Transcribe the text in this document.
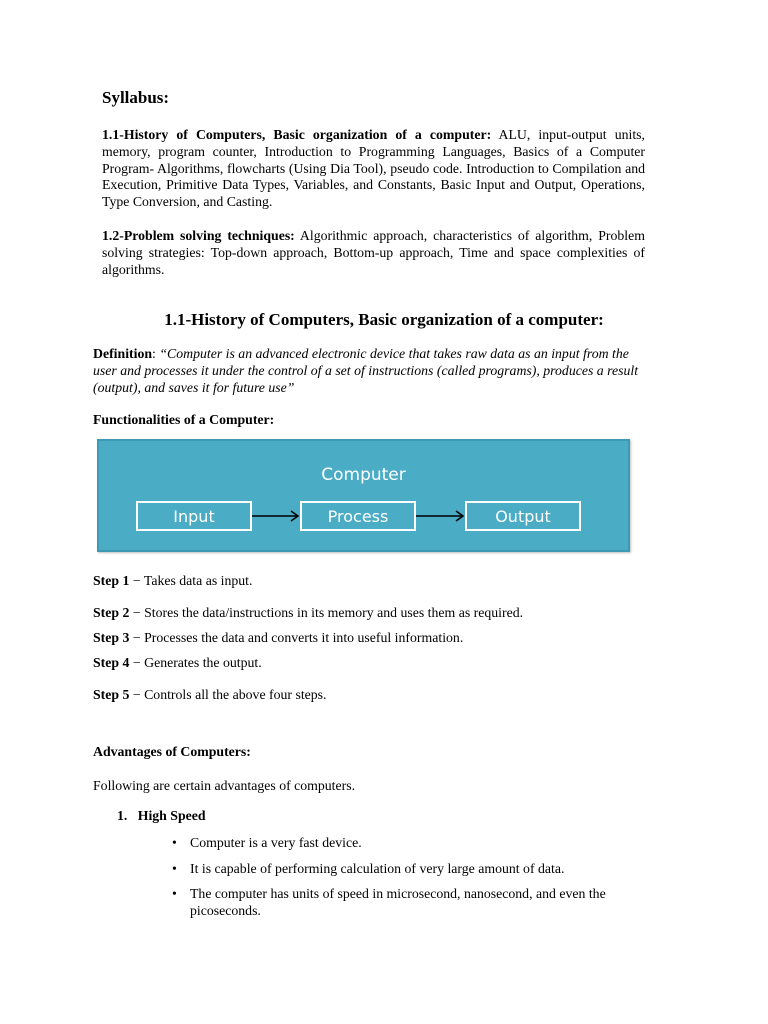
Syllabus:
1.1-History of Computers, Basic organization of a computer: ALU, input-output units, memory, program counter, Introduction to Programming Languages, Basics of a Computer Program- Algorithms, flowcharts (Using Dia Tool), pseudo code. Introduction to Compilation and Execution, Primitive Data Types, Variables, and Constants, Basic Input and Output, Operations, Type Conversion, and Casting.
1.2-Problem solving techniques: Algorithmic approach, characteristics of algorithm, Problem solving strategies: Top-down approach, Bottom-up approach, Time and space complexities of algorithms.
1.1-History of Computers, Basic organization of a computer:
Definition: “Computer is an advanced electronic device that takes raw data as an input from the user and processes it under the control of a set of instructions (called programs), produces a result (output), and saves it for future use”
Functionalities of a Computer:
Computer
Input	Process	Output
Step 1 − Takes data as input.
Step 2 − Stores the data/instructions in its memory and uses them as required.
Step 3 − Processes the data and converts it into useful information.
Step 4 − Generates the output.
Step 5 − Controls all the above four steps.
Advantages of Computers:
Following are certain advantages of computers.
1. High Speed
• Computer is a very fast device.
• It is capable of performing calculation of very large amount of data.
• The computer has units of speed in microsecond, nanosecond, and even the picoseconds.
